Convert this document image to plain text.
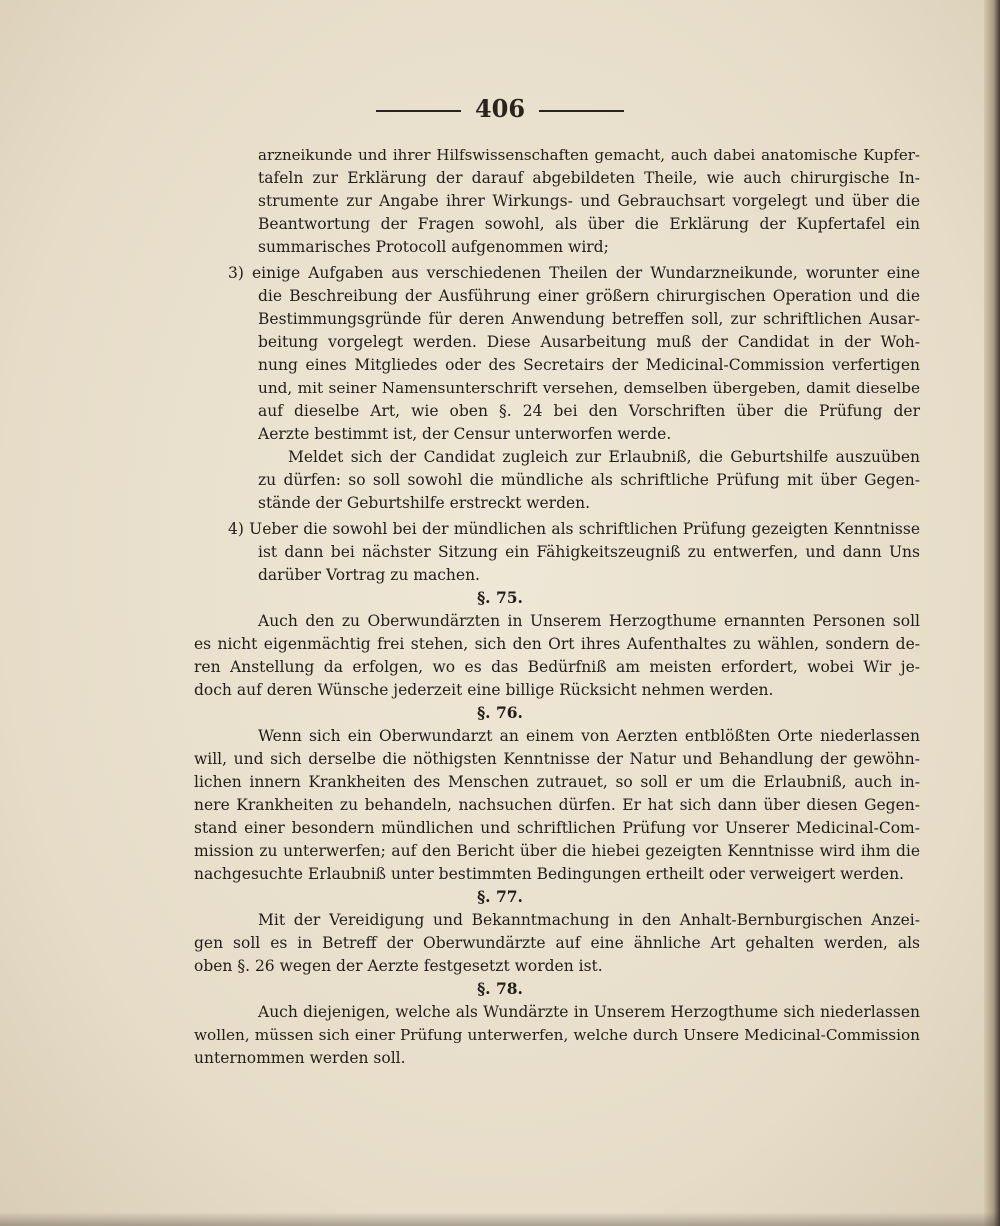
406
arzneikunde und ihrer Hilfswissenschaften gemacht, auch dabei anatomische Kupfer-
tafeln zur Erklärung der darauf abgebildeten Theile, wie auch chirurgische In-
strumente zur Angabe ihrer Wirkungs- und Gebrauchsart vorgelegt und über die
Beantwortung der Fragen sowohl, als über die Erklärung der Kupfertafel ein
summarisches Protocoll aufgenommen wird;
3) einige Aufgaben aus verschiedenen Theilen der Wundarzneikunde, worunter eine
die Beschreibung der Ausführung einer größern chirurgischen Operation und die
Bestimmungsgründe für deren Anwendung betreffen soll, zur schriftlichen Ausar-
beitung vorgelegt werden. Diese Ausarbeitung muß der Candidat in der Woh-
nung eines Mitgliedes oder des Secretairs der Medicinal-Commission verfertigen
und, mit seiner Namensunterschrift versehen, demselben übergeben, damit dieselbe
auf dieselbe Art, wie oben §. 24 bei den Vorschriften über die Prüfung der
Aerzte bestimmt ist, der Censur unterworfen werde.
Meldet sich der Candidat zugleich zur Erlaubniß, die Geburtshilfe auszuüben
zu dürfen: so soll sowohl die mündliche als schriftliche Prüfung mit über Gegen-
stände der Geburtshilfe erstreckt werden.
4) Ueber die sowohl bei der mündlichen als schriftlichen Prüfung gezeigten Kenntnisse
ist dann bei nächster Sitzung ein Fähigkeitszeugniß zu entwerfen, und dann Uns
darüber Vortrag zu machen.
§. 75.
Auch den zu Oberwundärzten in Unserem Herzogthume ernannten Personen soll
es nicht eigenmächtig frei stehen, sich den Ort ihres Aufenthaltes zu wählen, sondern de-
ren Anstellung da erfolgen, wo es das Bedürfniß am meisten erfordert, wobei Wir je-
doch auf deren Wünsche jederzeit eine billige Rücksicht nehmen werden.
§. 76.
Wenn sich ein Oberwundarzt an einem von Aerzten entblößten Orte niederlassen
will, und sich derselbe die nöthigsten Kenntnisse der Natur und Behandlung der gewöhn-
lichen innern Krankheiten des Menschen zutrauet, so soll er um die Erlaubniß, auch in-
nere Krankheiten zu behandeln, nachsuchen dürfen. Er hat sich dann über diesen Gegen-
stand einer besondern mündlichen und schriftlichen Prüfung vor Unserer Medicinal-Com-
mission zu unterwerfen; auf den Bericht über die hiebei gezeigten Kenntnisse wird ihm die
nachgesuchte Erlaubniß unter bestimmten Bedingungen ertheilt oder verweigert werden.
§. 77.
Mit der Vereidigung und Bekanntmachung in den Anhalt-Bernburgischen Anzei-
gen soll es in Betreff der Oberwundärzte auf eine ähnliche Art gehalten werden, als
oben §. 26 wegen der Aerzte festgesetzt worden ist.
§. 78.
Auch diejenigen, welche als Wundärzte in Unserem Herzogthume sich niederlassen
wollen, müssen sich einer Prüfung unterwerfen, welche durch Unsere Medicinal-Commission
unternommen werden soll.
